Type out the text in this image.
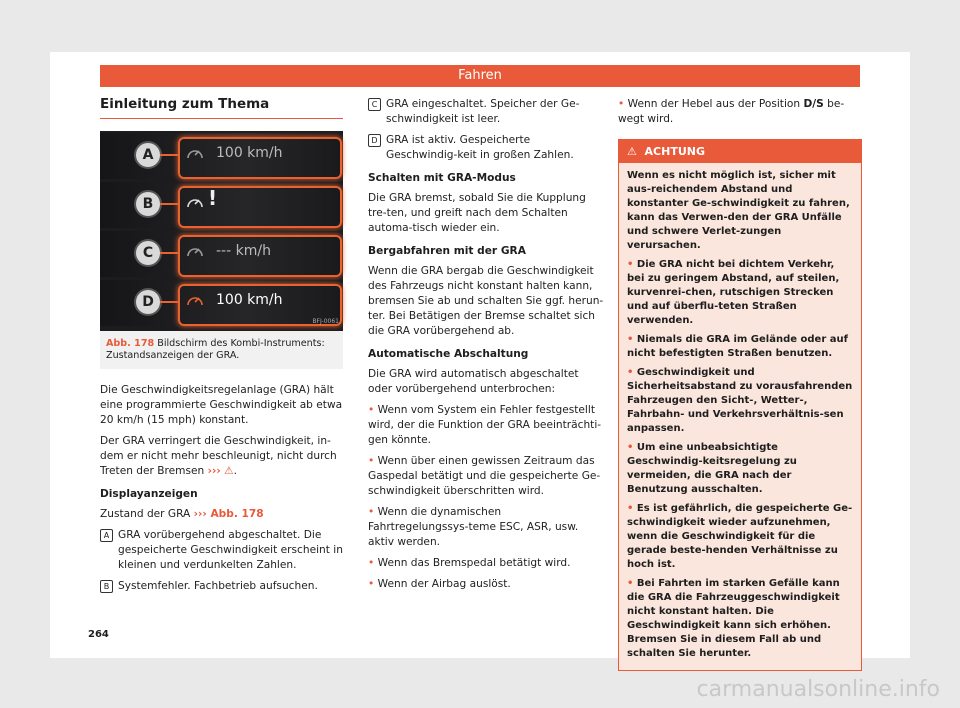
Fahren
Einleitung zum Thema
A	100 km/h
B	!
C	--- km/h
D	100 km/h
BFJ-0061
Abb. 178 Bildschirm des Kombi-Instruments: Zustandsanzeigen der GRA.

Die Geschwindigkeitsregelanlage (GRA) hält eine programmierte Geschwindigkeit ab etwa 20 km/h (15 mph) konstant.

Der GRA verringert die Geschwindigkeit, in-dem er nicht mehr beschleunigt, nicht durch Treten der Bremsen ››› ⚠.

Displayanzeigen

Zustand der GRA ››› Abb. 178

A GRA vorübergehend abgeschaltet. Die gespeicherte Geschwindigkeit erscheint in kleinen und verdunkelten Zahlen.
B Systemfehler. Fachbetrieb aufsuchen.
C GRA eingeschaltet. Speicher der Ge-schwindigkeit ist leer.
D GRA ist aktiv. Gespeicherte Geschwindig-keit in großen Zahlen.
Schalten mit GRA-Modus

Die GRA bremst, sobald Sie die Kupplung tre-ten, und greift nach dem Schalten automa-tisch wieder ein.

Bergabfahren mit der GRA

Wenn die GRA bergab die Geschwindigkeit des Fahrzeugs nicht konstant halten kann, bremsen Sie ab und schalten Sie ggf. herun-ter. Bei Betätigen der Bremse schaltet sich die GRA vorübergehend ab.

Automatische Abschaltung

Die GRA wird automatisch abgeschaltet oder vorübergehend unterbrochen:

• Wenn vom System ein Fehler festgestellt wird, der die Funktion der GRA beeinträchti-gen könnte.

• Wenn über einen gewissen Zeitraum das Gaspedal betätigt und die gespeicherte Ge-schwindigkeit überschritten wird.

• Wenn die dynamischen Fahrtregelungssys-teme ESC, ASR, usw. aktiv werden.

• Wenn das Bremspedal betätigt wird.

• Wenn der Airbag auslöst.

• Wenn der Hebel aus der Position D/S be-wegt wird.

⚠ ACHTUNG

Wenn es nicht möglich ist, sicher mit aus-reichendem Abstand und konstanter Ge-schwindigkeit zu fahren, kann das Verwen-den der GRA Unfälle und schwere Verlet-zungen verursachen.

• Die GRA nicht bei dichtem Verkehr, bei zu geringem Abstand, auf steilen, kurvenrei-chen, rutschigen Strecken und auf überflu-teten Straßen verwenden.

• Niemals die GRA im Gelände oder auf nicht befestigten Straßen benutzen.

• Geschwindigkeit und Sicherheitsabstand zu vorausfahrenden Fahrzeugen den Sicht-, Wetter-, Fahrbahn- und Verkehrsverhältnis-sen anpassen.

• Um eine unbeabsichtigte Geschwindig-keitsregelung zu vermeiden, die GRA nach der Benutzung ausschalten.

• Es ist gefährlich, die gespeicherte Ge-schwindigkeit wieder aufzunehmen, wenn die Geschwindigkeit für die gerade beste-henden Verhältnisse zu hoch ist.

• Bei Fahrten im starken Gefälle kann die GRA die Fahrzeuggeschwindigkeit nicht konstant halten. Die Geschwindigkeit kann sich erhöhen. Bremsen Sie in diesem Fall ab und schalten Sie herunter.

264
carmanualsonline.info
